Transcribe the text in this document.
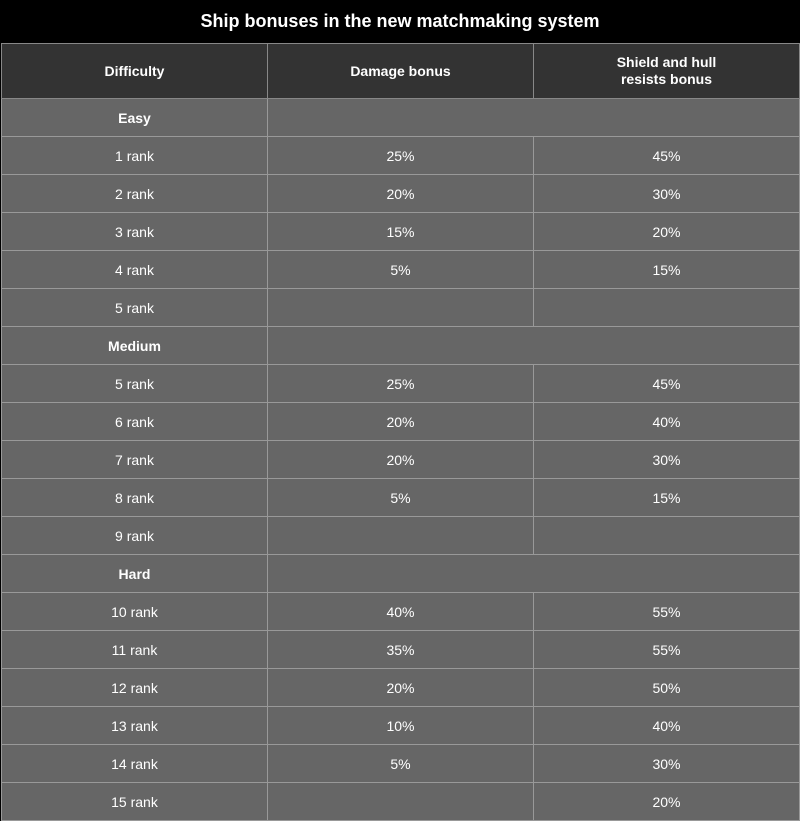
Ship bonuses in the new matchmaking system
Difficulty	Damage bonus	Shield and hull
resists bonus
Easy		
1 rank	25%	45%
2 rank	20%	30%
3 rank	15%	20%
4 rank	5%	15%
5 rank		
Medium		
5 rank	25%	45%
6 rank	20%	40%
7 rank	20%	30%
8 rank	5%	15%
9 rank		
Hard		
10 rank	40%	55%
11 rank	35%	55%
12 rank	20%	50%
13 rank	10%	40%
14 rank	5%	30%
15 rank		20%
